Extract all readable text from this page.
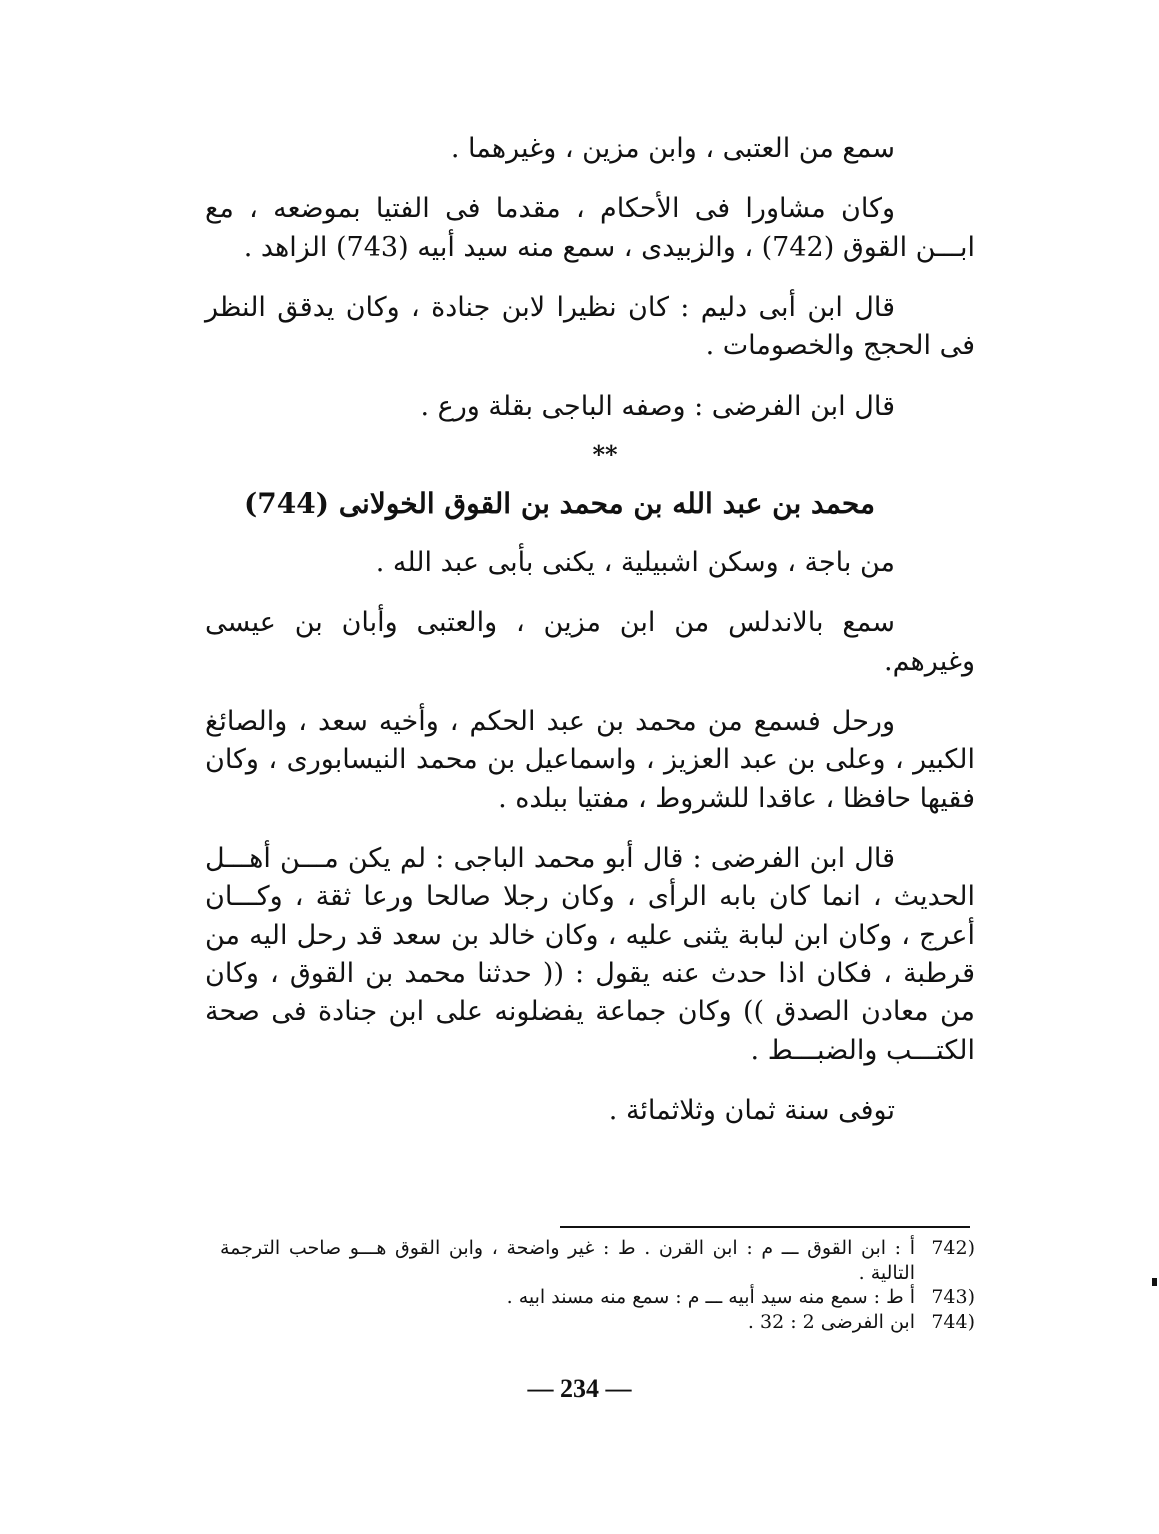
سمع من العتبى ، وابن مزين ، وغيرهما .

وكان مشاورا فى الأحكام ، مقدما فى الفتيا بموضعه ، مع ابـــن القوق (742) ، والزبيدى ، سمع منه سيد أبيه (743) الزاهد .

قال ابن أبى دليم : كان نظيرا لابن جنادة ، وكان يدقق النظر فى الحجج والخصومات .

قال ابن الفرضى : وصفه الباجى بقلة ورع .

**
محمد بن عبد الله بن محمد بن القوق الخولانى (744)

من باجة ، وسكن اشبيلية ، يكنى بأبى عبد الله .

سمع بالاندلس من ابن مزين ، والعتبى وأبان بن عيسى وغيرهم.

ورحل فسمع من محمد بن عبد الحكم ، وأخيه سعد ، والصائغ الكبير ، وعلى بن عبد العزيز ، واسماعيل بن محمد النيسابورى ، وكان فقيها حافظا ، عاقدا للشروط ، مفتيا ببلده .

قال ابن الفرضى : قال أبو محمد الباجى : لم يكن مـــن أهـــل الحديث ، انما كان بابه الرأى ، وكان رجلا صالحا ورعا ثقة ، وكـــان أعرج ، وكان ابن لبابة يثنى عليه ، وكان خالد بن سعد قد رحل اليه من قرطبة ، فكان اذا حدث عنه يقول : (( حدثنا محمد بن القوق ، وكان من معادن الصدق )) وكان جماعة يفضلونه على ابن جنادة فى صحة الكتـــب والضبـــط .

توفى سنة ثمان وثلاثمائة .

(742
أ : ابن القوق ـــ م : ابن القرن . ط : غير واضحة ، وابن القوق هـــو صاحب الترجمة التالية .
(743
أ ط : سمع منه سيد أبيه ـــ م : سمع منه مسند ابيه .
(744
ابن الفرضى 2 : 32 .
— 234 —
